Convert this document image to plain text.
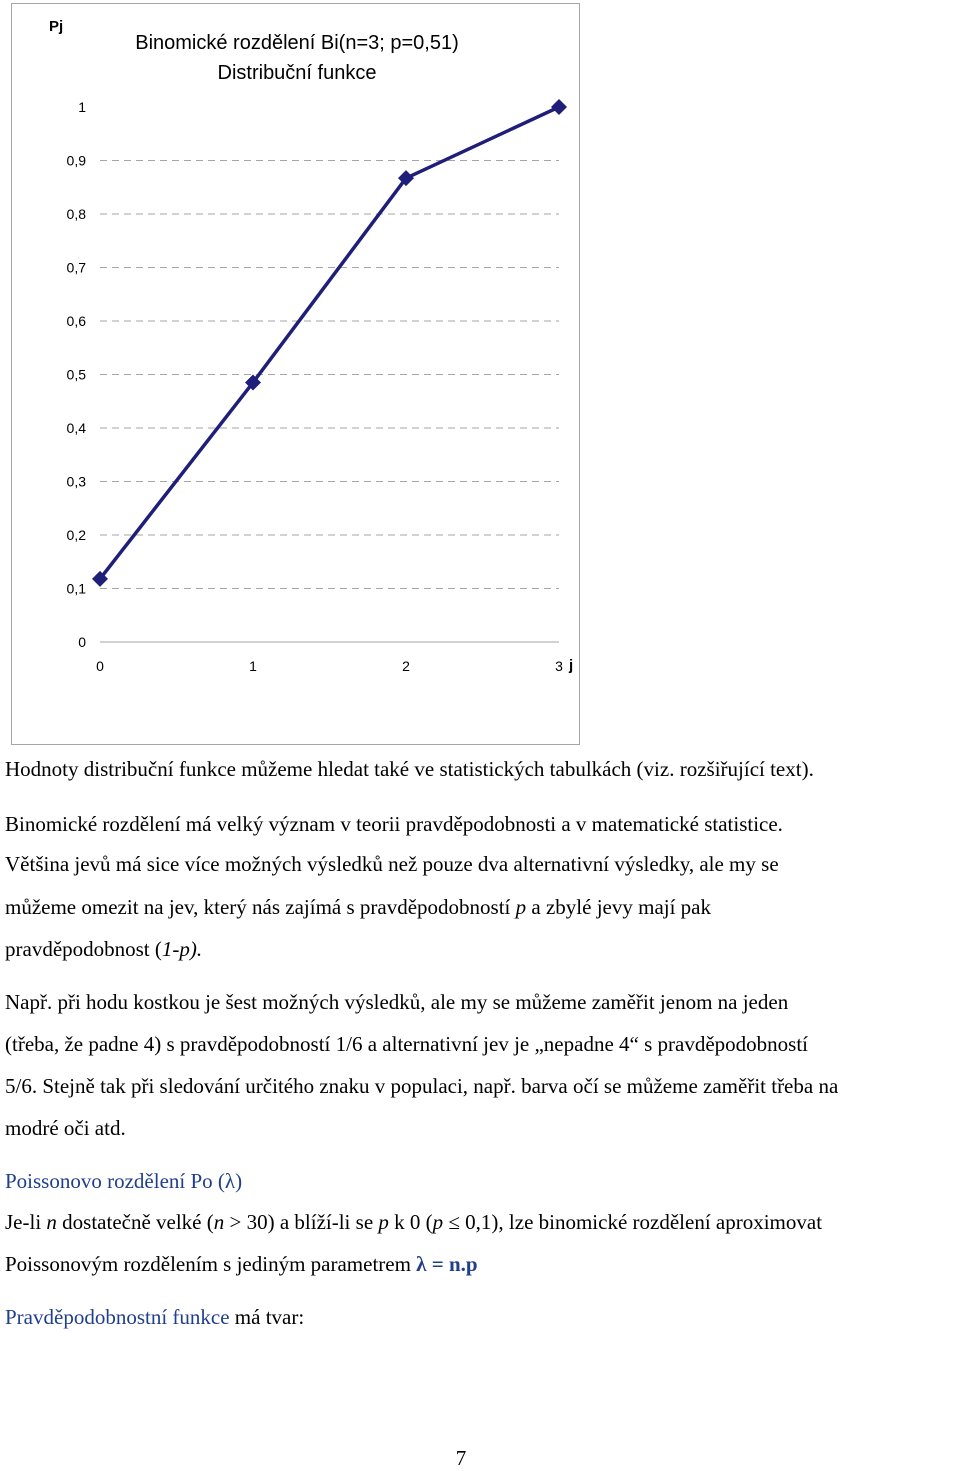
0
0,1
0,2
0,3
0,4
0,5
0,6
0,7
0,8
0,9
1
0	1	2	3
Pj
j
Binomické rozdělení Bi(n=3; p=0,51)
Distribuční funkce

Hodnoty distribuční funkce můžeme hledat také ve statistických tabulkách (viz. rozšiřující text).

Binomické rozdělení má velký význam v teorii pravděpodobnosti a v matematické statistice.

Většina jevů má sice více možných výsledků než pouze dva alternativní výsledky, ale my se

můžeme omezit na jev, který nás zajímá s pravděpodobností p a zbylé jevy mají pak

pravděpodobnost (1-p).

Např. při hodu kostkou je šest možných výsledků, ale my se můžeme zaměřit jenom na jeden

(třeba, že padne 4) s pravděpodobností 1/6 a alternativní jev je „nepadne 4“ s pravděpodobností

5/6. Stejně tak při sledování určitého znaku v populaci, např. barva očí se můžeme zaměřit třeba na

modré oči atd.

Poissonovo rozdělení Po (λ)

Je-li n dostatečně velké (n > 30) a blíží-li se p k 0 (p ≤ 0,1), lze binomické rozdělení aproximovat

Poissonovým rozdělením s jediným parametrem λ = n.p

Pravděpodobnostní funkce má tvar:

7
